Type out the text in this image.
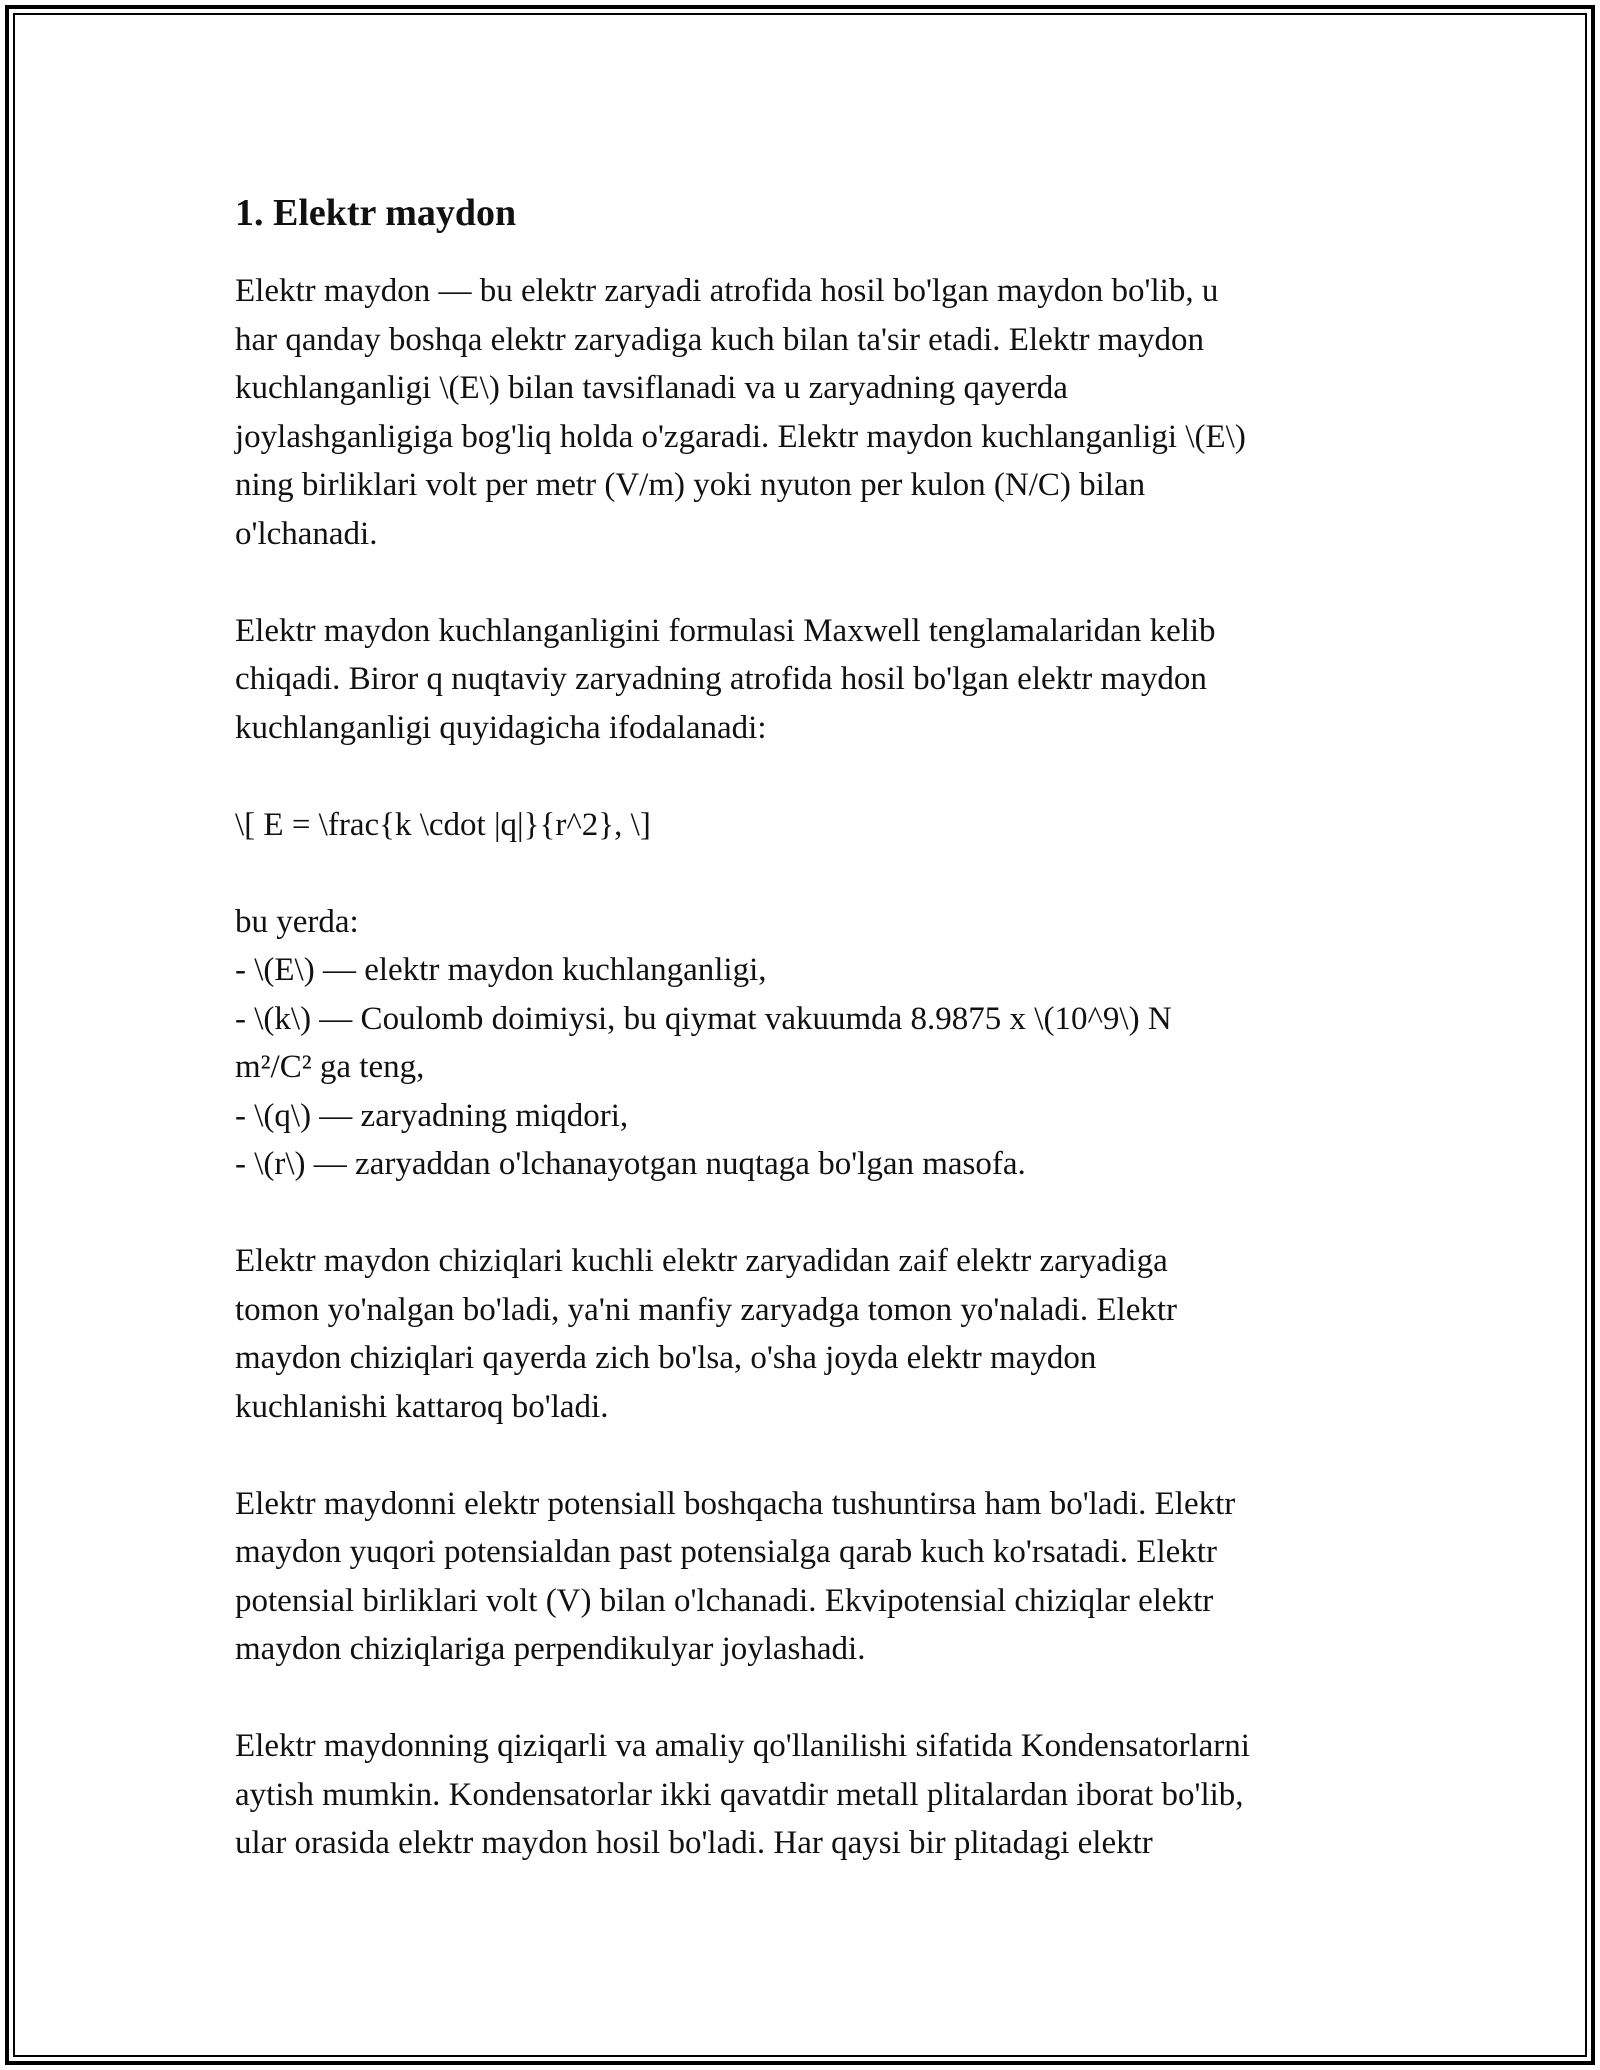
1. Elektr maydon
Elektr maydon — bu elektr zaryadi atrofida hosil bo'lgan maydon bo'lib, u
har qanday boshqa elektr zaryadiga kuch bilan ta'sir etadi. Elektr maydon
kuchlanganligi \(E\) bilan tavsiflanadi va u zaryadning qayerda
joylashganligiga bog'liq holda o'zgaradi. Elektr maydon kuchlanganligi \(E\)
ning birliklari volt per metr (V/m) yoki nyuton per kulon (N/C) bilan
o'lchanadi.
Elektr maydon kuchlanganligini formulasi Maxwell tenglamalaridan kelib
chiqadi. Biror q nuqtaviy zaryadning atrofida hosil bo'lgan elektr maydon
kuchlanganligi quyidagicha ifodalanadi:
\[ E = \frac{k \cdot |q|}{r^2}, \]
bu yerda:
- \(E\) — elektr maydon kuchlanganligi,
- \(k\) — Coulomb doimiysi, bu qiymat vakuumda 8.9875 x \(10^9\) N
m²/C² ga teng,
- \(q\) — zaryadning miqdori,
- \(r\) — zaryaddan o'lchanayotgan nuqtaga bo'lgan masofa.
Elektr maydon chiziqlari kuchli elektr zaryadidan zaif elektr zaryadiga
tomon yo'nalgan bo'ladi, ya'ni manfiy zaryadga tomon yo'naladi. Elektr
maydon chiziqlari qayerda zich bo'lsa, o'sha joyda elektr maydon
kuchlanishi kattaroq bo'ladi.
Elektr maydonni elektr potensiall boshqacha tushuntirsa ham bo'ladi. Elektr
maydon yuqori potensialdan past potensialga qarab kuch ko'rsatadi. Elektr
potensial birliklari volt (V) bilan o'lchanadi. Ekvipotensial chiziqlar elektr
maydon chiziqlariga perpendikulyar joylashadi.
Elektr maydonning qiziqarli va amaliy qo'llanilishi sifatida Kondensatorlarni
aytish mumkin. Kondensatorlar ikki qavatdir metall plitalardan iborat bo'lib,
ular orasida elektr maydon hosil bo'ladi. Har qaysi bir plitadagi elektr
